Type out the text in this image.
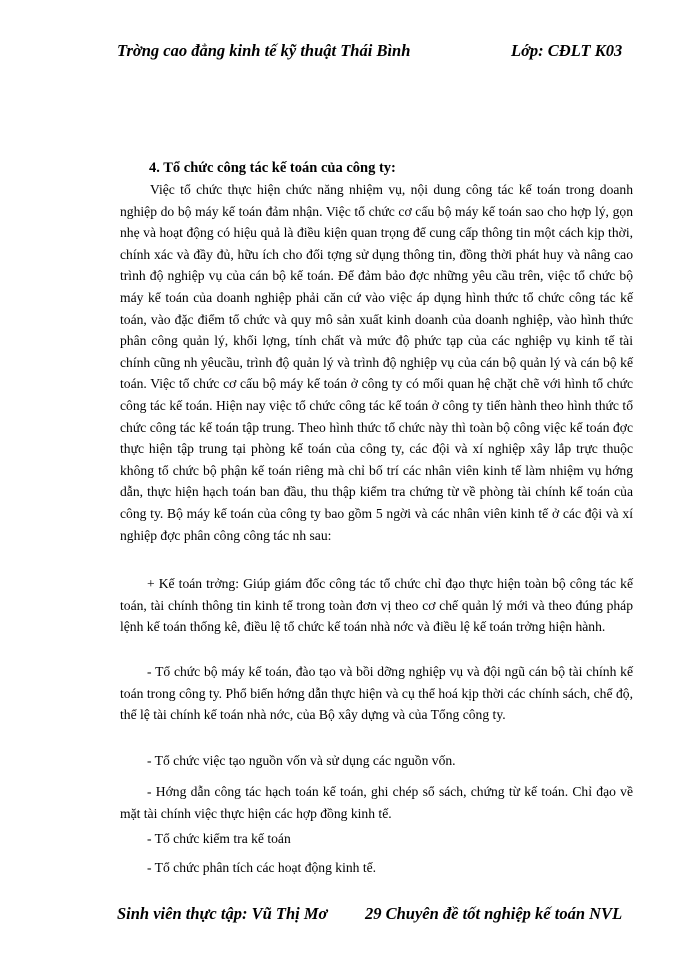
Trờng cao đẳng kinh tế kỹ thuật Thái Bình	Lớp: CĐLT K03
4. Tổ chức công tác kế toán của công ty:

Việc tổ chức thực hiện chức năng nhiệm vụ, nội dung công tác kế toán trong doanh nghiệp do bộ máy kế toán đảm nhận. Việc tổ chức cơ cấu bộ máy kế toán sao cho hợp lý, gọn nhẹ và hoạt động có hiệu quả là điều kiện quan trọng để cung cấp thông tin một cách kịp thời, chính xác và đầy đủ, hữu ích cho đối tợng sử dụng thông tin, đồng thời phát huy và nâng cao trình độ nghiệp vụ của cán bộ kế toán. Để đảm bảo đợc những yêu cầu trên, việc tổ chức bộ máy kế toán của doanh nghiệp phải căn cứ vào việc áp dụng hình thức tổ chức công tác kế toán, vào đặc điểm tổ chức và quy mô sản xuất kinh doanh của doanh nghiệp, vào hình thức phân công quản lý, khối lợng, tính chất và mức độ phức tạp của các nghiệp vụ kinh tế tài chính cũng nh yêucầu, trình độ quản lý và trình độ nghiệp vụ của cán bộ quản lý và cán bộ kế toán. Việc tổ chức cơ cấu bộ máy kế toán ở công ty có mối quan hệ chặt chẽ với hình tổ chức công tác kế toán. Hiện nay việc tổ chức công tác kế toán ở công ty tiến hành theo hình thức tổ chức công tác kế toán tập trung. Theo hình thức tổ chức này thì toàn bộ công việc kế toán đợc thực hiện tập trung tại phòng kế toán của công ty, các đội và xí nghiệp xây lắp trực thuộc không tổ chức bộ phận kế toán riêng mà chỉ bố trí các nhân viên kinh tế làm nhiệm vụ hớng dẫn, thực hiện hạch toán ban đầu, thu thập kiểm tra chứng từ về phòng tài chính kế toán của công ty. Bộ máy kế toán của công ty bao gồm 5 ngời và các nhân viên kinh tế ở các đội và xí nghiệp đợc phân công công tác nh sau:

+ Kế toán trởng: Giúp giám đốc công tác tổ chức chỉ đạo thực hiện toàn bộ công tác kế toán, tài chính thông tin kinh tế trong toàn đơn vị theo cơ chế quản lý mới và theo đúng pháp lệnh kế toán thống kê, điều lệ tổ chức kế toán nhà nớc và điều lệ kế toán trởng hiện hành.

- Tổ chức bộ máy kế toán, đào tạo và bồi dỡng nghiệp vụ và đội ngũ cán bộ tài chính kế toán trong công ty. Phổ biến hớng dẫn thực hiện và cụ thể hoá kịp thời các chính sách, chế độ, thể lệ tài chính kế toán nhà nớc, của Bộ xây dựng và của Tổng công ty.

- Tổ chức việc tạo nguồn vốn và sử dụng các nguồn vốn.

- Hớng dẫn công tác hạch toán kế toán, ghi chép sổ sách, chứng từ kế toán. Chỉ đạo về mặt tài chính việc thực hiện các hợp đồng kinh tế.

- Tổ chức kiểm tra kế toán

- Tổ chức phân tích các hoạt động kinh tế.

Sinh viên thực tập: Vũ Thị Mơ 29 Chuyên đề tốt nghiệp kế toán NVL
